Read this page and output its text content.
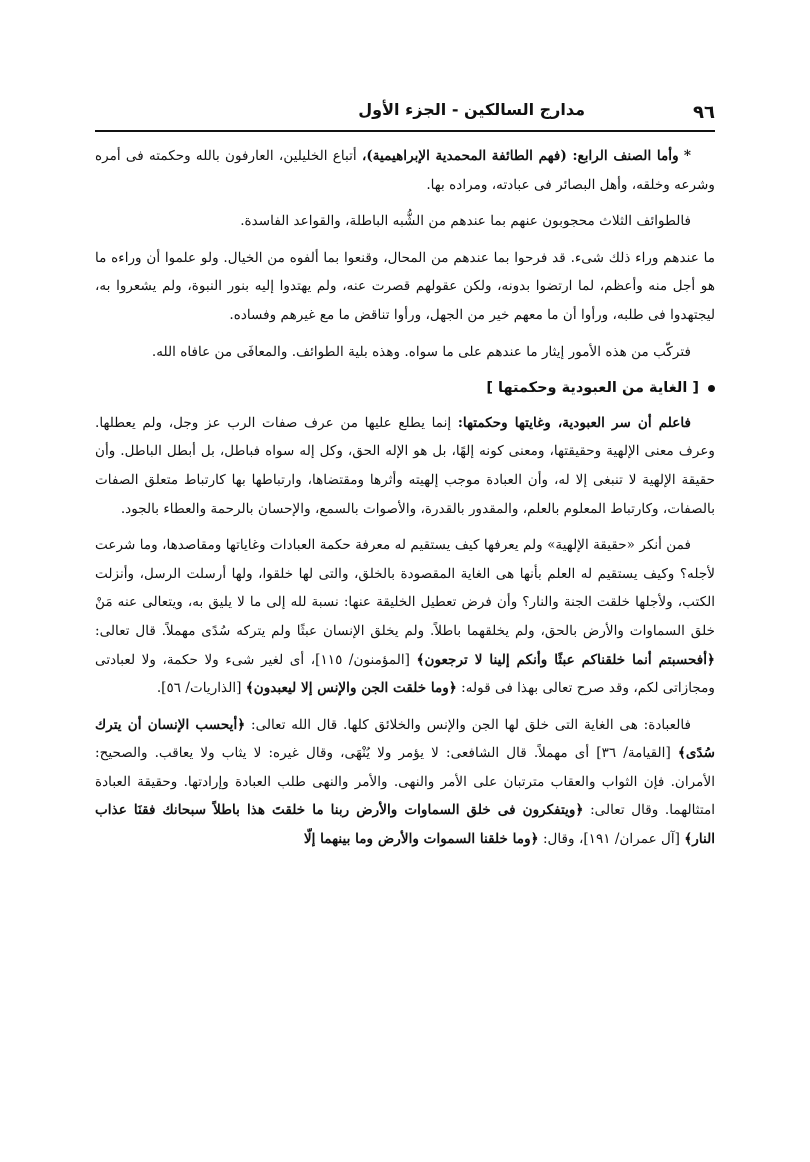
مدارج السالكين - الجزء الأول	٩٦

* وأما الصنف الرابع: (فهم الطائفة المحمدية الإبراهيمية)، أتباع الخليلين، العارفون بالله وحكمته فى أمره وشرعه وخلقه، وأهل البصائر فى عبادته، ومراده بها.

فالطوائف الثلاث محجوبون عنهم بما عندهم من الشُّبه الباطلة، والقواعد الفاسدة.

ما عندهم وراء ذلك شىء. قد فرحوا بما عندهم من المحال، وقنعوا بما ألفوه من الخيال. ولو علموا أن وراءه ما هو أجل منه وأعظم، لما ارتضوا بدونه، ولكن عقولهم قصرت عنه، ولم يهتدوا إليه بنور النبوة، ولم يشعروا به، ليجتهدوا فى طلبه، ورأوا أن ما معهم خير من الجهل، ورأوا تناقض ما مع غيرهم وفساده.

فتركّب من هذه الأمور إيثار ما عندهم على ما سواه. وهذه بلية الطوائف. والمعافَى من عافاه الله.

[ الغاية من العبودية وحكمتها ]

فاعلم أن سر العبودية، وغايتها وحكمتها: إنما يطلع عليها من عرف صفات الرب عز وجل، ولم يعطلها. وعرف معنى الإلهية وحقيقتها، ومعنى كونه إلهًا، بل هو الإله الحق، وكل إله سواه فباطل، بل أبطل الباطل. وأن حقيقة الإلهية لا تنبغى إلا له، وأن العبادة موجب إلهيته وأثرها ومقتضاها، وارتباطها بها كارتباط متعلق الصفات بالصفات، وكارتباط المعلوم بالعلم، والمقدور بالقدرة، والأصوات بالسمع، والإحسان بالرحمة والعطاء بالجود.

فمن أنكر «حقيقة الإلهية» ولم يعرفها كيف يستقيم له معرفة حكمة العبادات وغاياتها ومقاصدها، وما شرعت لأجله؟ وكيف يستقيم له العلم بأنها هى الغاية المقصودة بالخلق، والتى لها خلقوا، ولها أرسلت الرسل، وأنزلت الكتب، ولأجلها خلقت الجنة والنار؟ وأن فرض تعطيل الخليقة عنها: نسبة لله إلى ما لا يليق به، ويتعالى عنه مَنْ خلق السماوات والأرض بالحق، ولم يخلقهما باطلاً. ولم يخلق الإنسان عبثًا ولم يتركه سُدًى مهملاً. قال تعالى: ﴿أفحسبتم أنما خلقناكم عبثًا وأنكم إلينا لا ترجعون﴾ [المؤمنون/ ١١٥]، أى لغير شىء ولا حكمة، ولا لعبادتى ومجازاتى لكم، وقد صرح تعالى بهذا فى قوله: ﴿وما خلقت الجن والإنس إلا ليعبدون﴾ [الذاريات/ ٥٦].

فالعبادة: هى الغاية التى خلق لها الجن والإنس والخلائق كلها. قال الله تعالى: ﴿أيحسب الإنسان أن يترك سُدًى﴾ [القيامة/ ٣٦] أى مهملاً. قال الشافعى: لا يؤمر ولا يُنْهَى، وقال غيره: لا يثاب ولا يعاقب. والصحيح: الأمران. فإن الثواب والعقاب مترتبان على الأمر والنهى. والأمر والنهى طلب العبادة وإرادتها. وحقيقة العبادة امتثالهما. وقال تعالى: ﴿ويتفكرون فى خلق السماوات والأرض ربنا ما خلقتَ هذا باطلاً سبحانك فقنَا عذاب النار﴾ [آل عمران/ ١٩١]، وقال: ﴿وما خلقنا السموات والأرض وما بينهما إلّا
